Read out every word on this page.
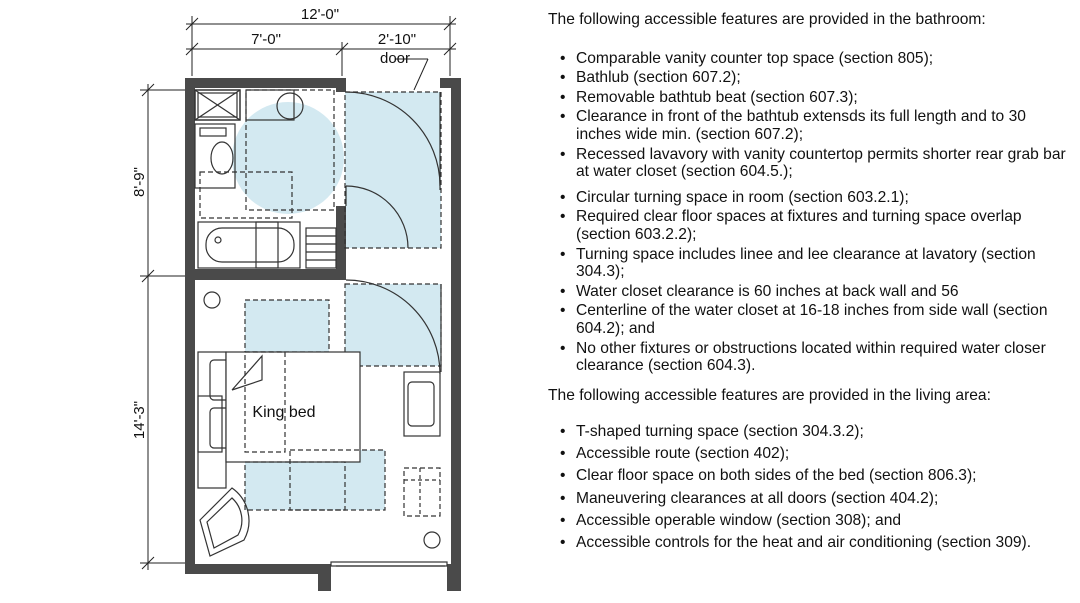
12'-0"
7'-0"	2'-10"
door
8'-9"
14'-3"	King bed

The following accessible features are provided in the bathroom:

• Comparable vanity counter top space (section 805);
• Bathlub (section 607.2);
• Removable bathtub beat (section 607.3);
• Clearance in front of the bathtub extensds its full length and to 30 inches wide min. (section 607.2);
• Recessed lavavory with vanity countertop permits shorter rear grab bar at water closet (section 604.5.);
• Circular turning space in room (section 603.2.1);
• Required clear floor spaces at fixtures and turning space overlap (section 603.2.2);
• Turning space includes linee and lee clearance at lavatory (section 304.3);
• Water closet clearance is 60 inches at back wall and 56
• Centerline of the water closet at 16-18 inches from side wall (section 604.2); and
• No other fixtures or obstructions located within required water closer clearance (section 604.3).

The following accessible features are provided in the living area:

• T-shaped turning space (section 304.3.2);
• Accessible route (section 402);
• Clear floor space on both sides of the bed (section 806.3);
• Maneuvering clearances at all doors (section 404.2);
• Accessible operable window (section 308); and
• Accessible controls for the heat and air conditioning (section 309).
